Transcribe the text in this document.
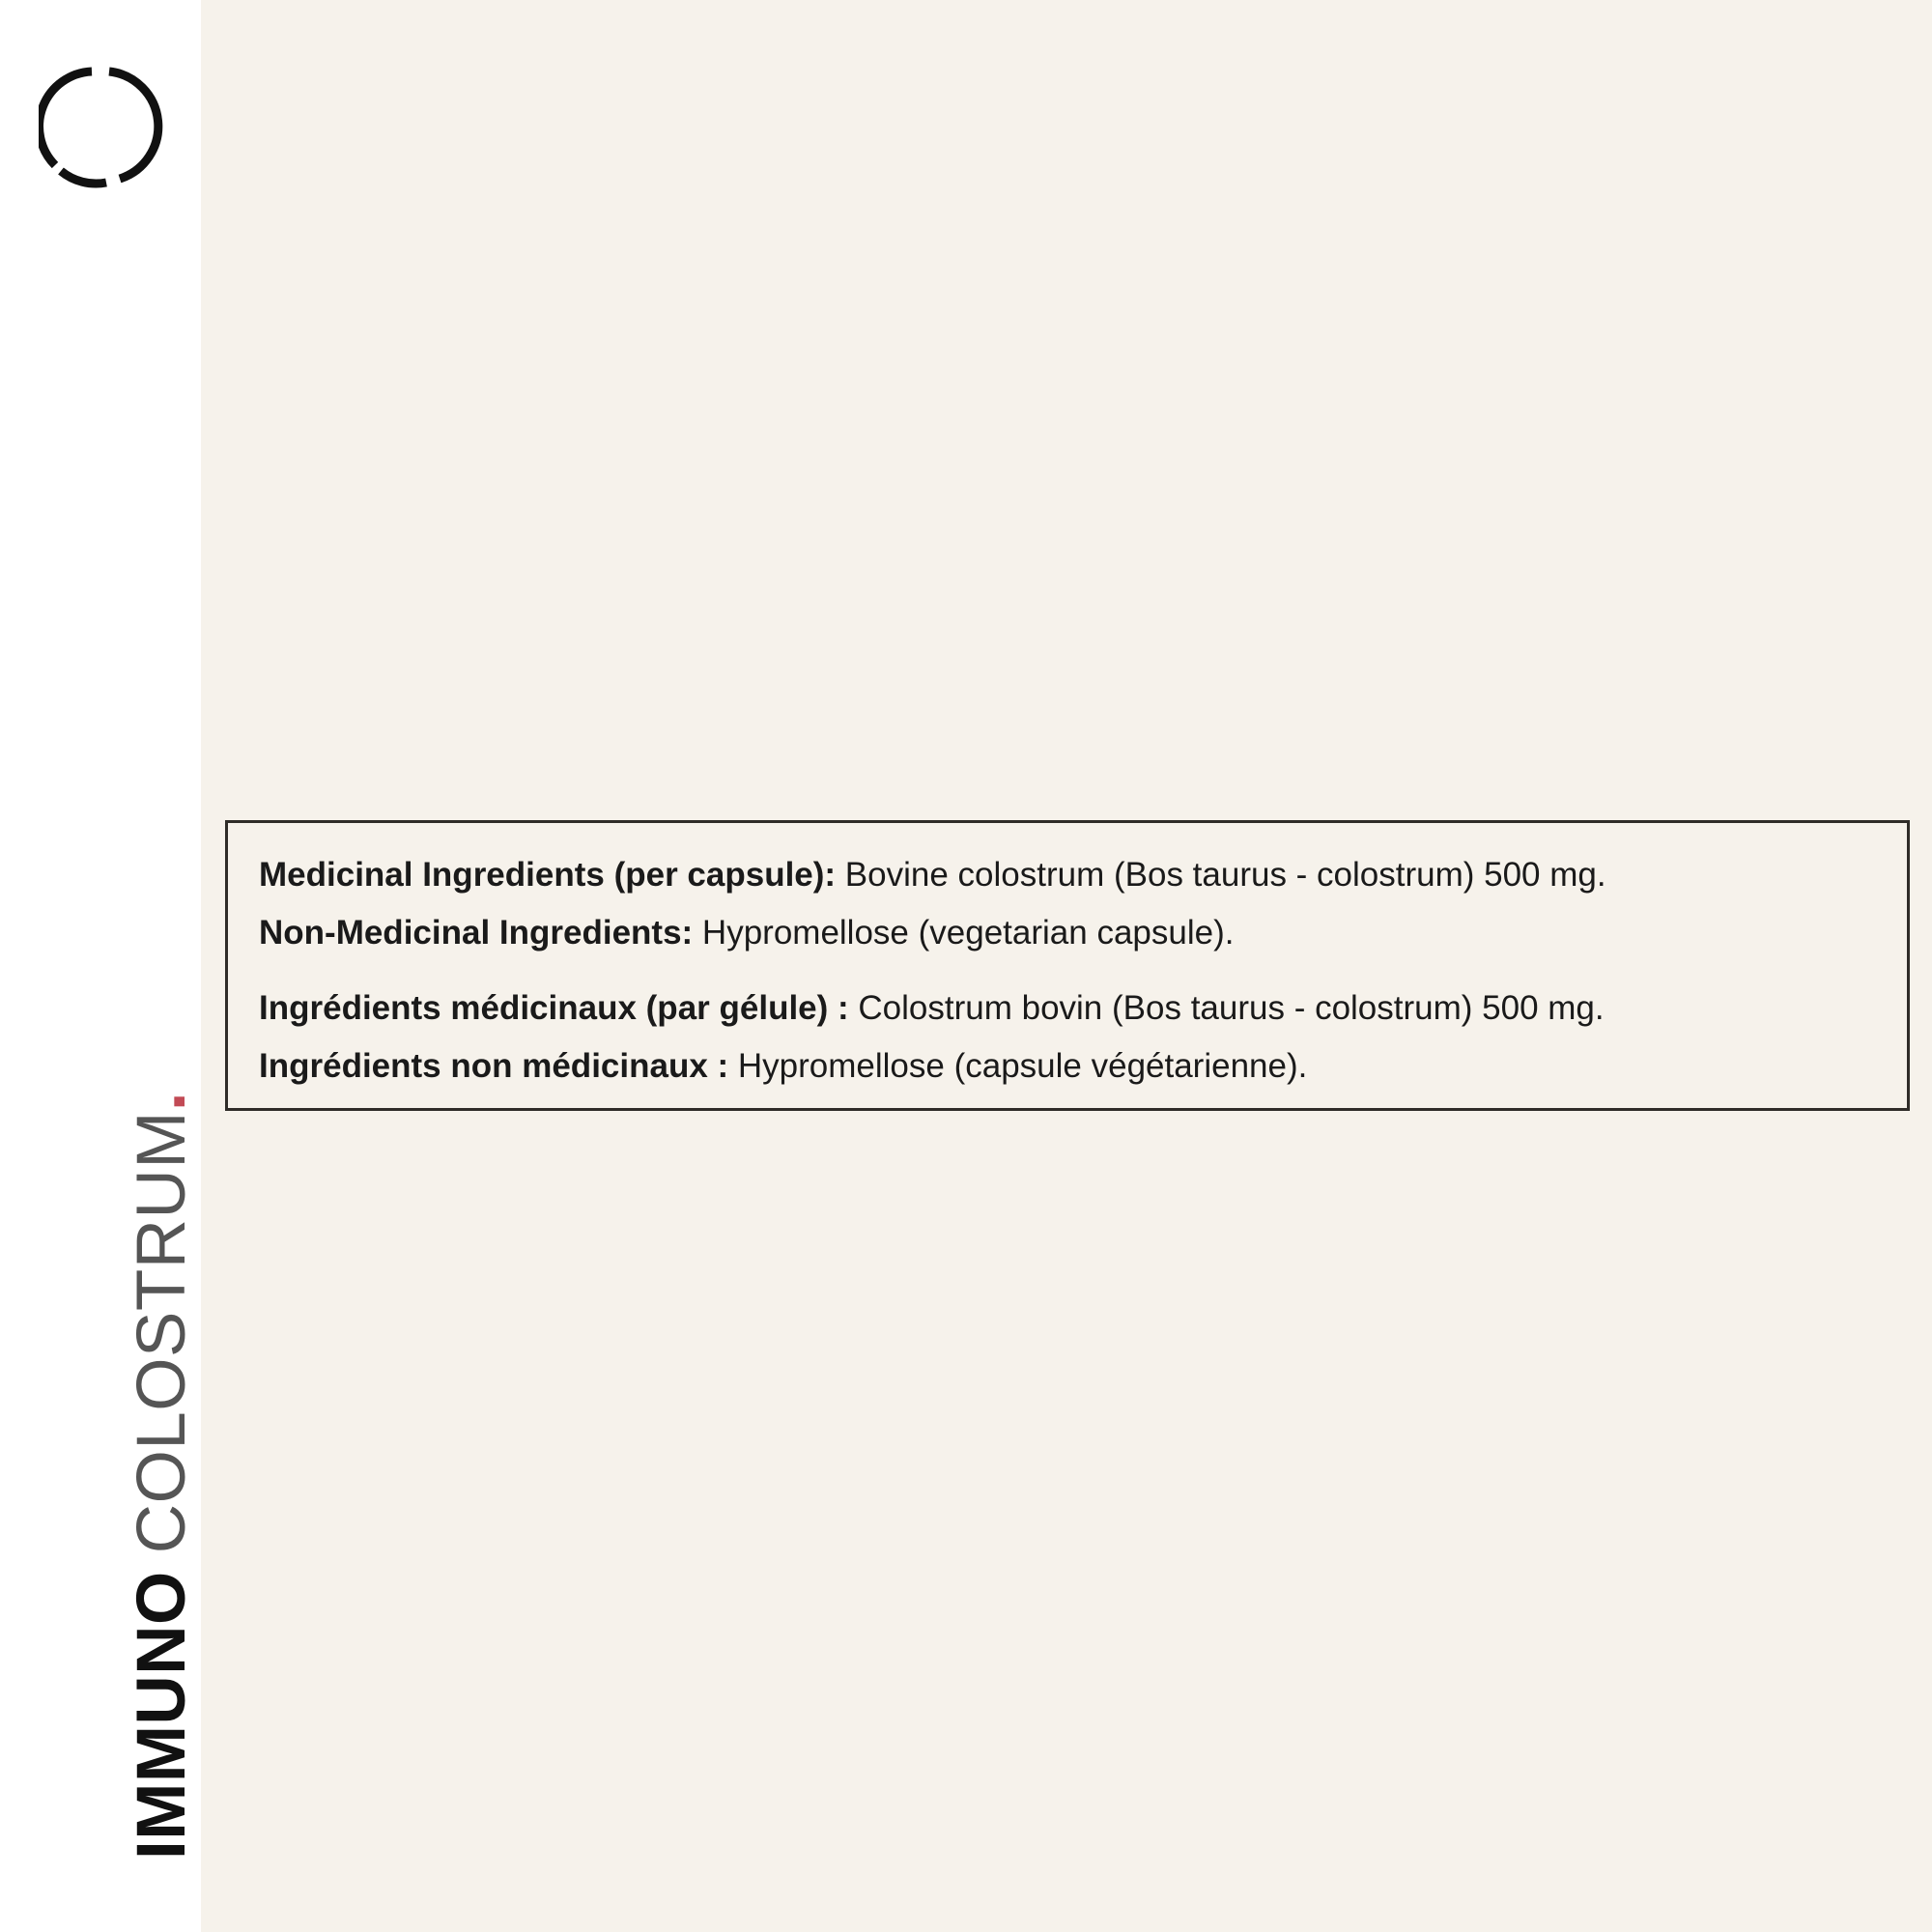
IMMUNOCOLOSTRUM.

Medicinal Ingredients (per capsule): Bovine colostrum (Bos taurus - colostrum) 500 mg.

Non-Medicinal Ingredients: Hypromellose (vegetarian capsule).

Ingrédients médicinaux (par gélule) : Colostrum bovin (Bos taurus - colostrum) 500 mg.

Ingrédients non médicinaux : Hypromellose (capsule végétarienne).
